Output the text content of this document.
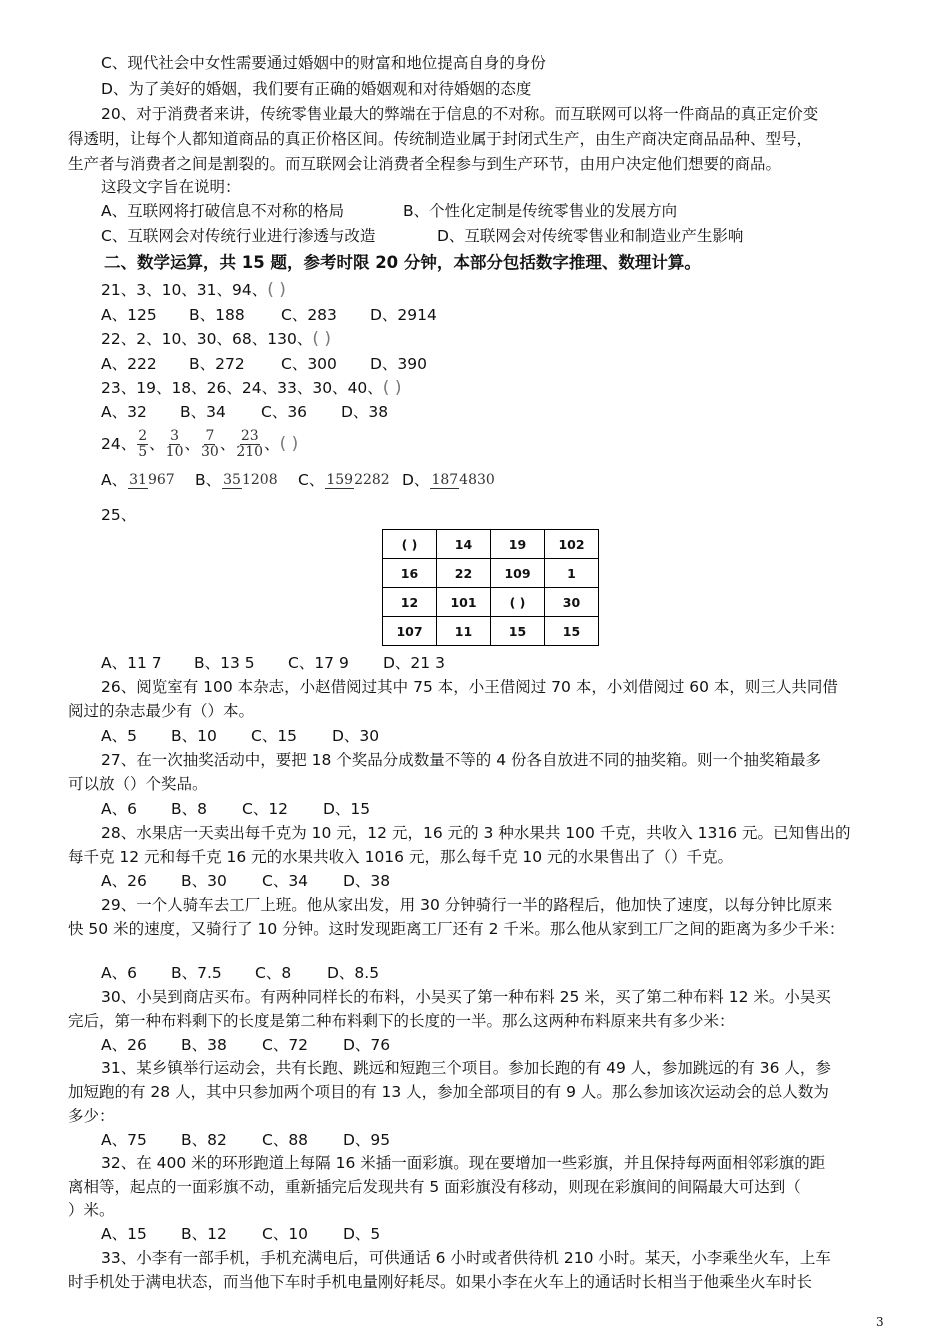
C、现代社会中女性需要通过婚姻中的财富和地位提高自身的身份
D、为了美好的婚姻，我们要有正确的婚姻观和对待婚姻的态度
20、对于消费者来讲，传统零售业最大的弊端在于信息的不对称。而互联网可以将一件商品的真正定价变
得透明，让每个人都知道商品的真正价格区间。传统制造业属于封闭式生产，由生产商决定商品品种、型号，
生产者与消费者之间是割裂的。而互联网会让消费者全程参与到生产环节，由用户决定他们想要的商品。
这段文字旨在说明：
A、互联网将打破信息不对称的格局	B、个性化定制是传统零售业的发展方向
C、互联网会对传统行业进行渗透与改造	D、互联网会对传统零售业和制造业产生影响
二、数学运算，共 15 题，参考时限 20 分钟，本部分包括数字推理、数理计算。
21、3、10、31、94、( )
A、125 B、188 C、283 D、2914
22、2、10、30、68、130、( )
A、222 B、272 C、300 D、390
23、19、18、26、24、33、30、40、( )
A、32 B、34 C、36 D、38
24、 $\frac{2}{5}$ 、 $\frac{3}{10}$ 、 $\frac{7}{30}$ 、 $\frac{23}{210}$ 、( )
A、 31967 B、 351208 C、 1592282 D、 1874830
25、
( )	14	19	102
16	22	109	1
12	101	( )	30
107	11	15	15
A、11 7 B、13 5 C、17 9 D、21 3
26、阅览室有 100 本杂志，小赵借阅过其中 75 本，小王借阅过 70 本，小刘借阅过 60 本，则三人共同借
阅过的杂志最少有（）本。
A、5 B、10 C、15 D、30
27、在一次抽奖活动中，要把 18 个奖品分成数量不等的 4 份各自放进不同的抽奖箱。则一个抽奖箱最多
可以放（）个奖品。
A、6 B、8 C、12 D、15
28、水果店一天卖出每千克为 10 元，12 元，16 元的 3 种水果共 100 千克，共收入 1316 元。已知售出的
每千克 12 元和每千克 16 元的水果共收入 1016 元，那么每千克 10 元的水果售出了（）千克。
A、26 B、30 C、34 D、38
29、一个人骑车去工厂上班。他从家出发，用 30 分钟骑行一半的路程后，他加快了速度，以每分钟比原来
快 50 米的速度，又骑行了 10 分钟。这时发现距离工厂还有 2 千米。那么他从家到工厂之间的距离为多少千米：
A、6 B、7.5 C、8 D、8.5
30、小吴到商店买布。有两种同样长的布料，小吴买了第一种布料 25 米，买了第二种布料 12 米。小吴买
完后，第一种布料剩下的长度是第二种布料剩下的长度的一半。那么这两种布料原来共有多少米：
A、26 B、38 C、72 D、76
31、某乡镇举行运动会，共有长跑、跳远和短跑三个项目。参加长跑的有 49 人，参加跳远的有 36 人，参
加短跑的有 28 人，其中只参加两个项目的有 13 人，参加全部项目的有 9 人。那么参加该次运动会的总人数为
多少：
A、75 B、82 C、88 D、95
32、在 400 米的环形跑道上每隔 16 米插一面彩旗。现在要增加一些彩旗，并且保持每两面相邻彩旗的距
离相等，起点的一面彩旗不动，重新插完后发现共有 5 面彩旗没有移动，则现在彩旗间的间隔最大可达到（
）米。
A、15 B、12 C、10 D、5
33、小李有一部手机，手机充满电后，可供通话 6 小时或者供待机 210 小时。某天，小李乘坐火车，上车
时手机处于满电状态，而当他下车时手机电量刚好耗尽。如果小李在火车上的通话时长相当于他乘坐火车时长
3
